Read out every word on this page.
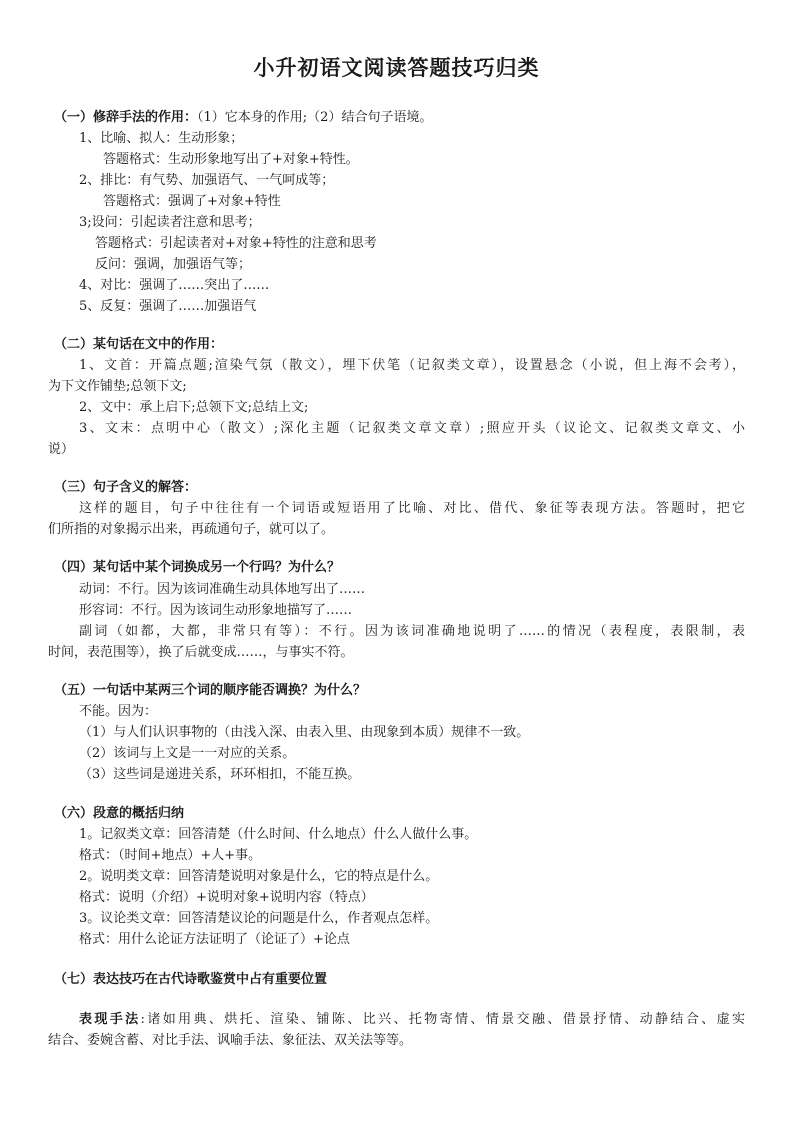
小升初语文阅读答题技巧归类
（一）修辞手法的作用：（1）它本身的作用;（2）结合句子语境。
1、比喻、拟人：生动形象；
答题格式：生动形象地写出了+对象+特性。
2、排比：有气势、加强语气、一气呵成等；
答题格式：强调了+对象+特性
3;设问：引起读者注意和思考；
答题格式：引起读者对+对象+特性的注意和思考
反问：强调，加强语气等；
4、对比：强调了……突出了……
5、反复：强调了……加强语气
（二）某句话在文中的作用：
1、文首：开篇点题;渲染气氛（散文），埋下伏笔（记叙类文章），设置悬念（小说，但上海不会考），
为下文作铺垫;总领下文;
2、文中：承上启下;总领下文;总结上文;
3、文末：点明中心（散文）;深化主题（记叙类文章文章）;照应开头（议论文、记叙类文章文、小
说）
（三）句子含义的解答：
这样的题目，句子中往往有一个词语或短语用了比喻、对比、借代、象征等表现方法。答题时，把它
们所指的对象揭示出来，再疏通句子，就可以了。
（四）某句话中某个词换成另一个行吗？为什么？
动词：不行。因为该词准确生动具体地写出了……
形容词：不行。因为该词生动形象地描写了……
副词（如都，大都，非常只有等）：不行。因为该词准确地说明了……的情况（表程度，表限制，表
时间，表范围等），换了后就变成……，与事实不符。
（五）一句话中某两三个词的顺序能否调换？为什么？
不能。因为：
（1）与人们认识事物的（由浅入深、由表入里、由现象到本质）规律不一致。
（2）该词与上文是一一对应的关系。
（3）这些词是递进关系，环环相扣，不能互换。
（六）段意的概括归纳
1。记叙类文章：回答清楚（什么时间、什么地点）什么人做什么事。
格式：（时间+地点）+人+事。
2。说明类文章：回答清楚说明对象是什么，它的特点是什么。
格式：说明（介绍）+说明对象+说明内容（特点）
3。议论类文章：回答清楚议论的问题是什么，作者观点怎样。
格式：用什么论证方法证明了（论证了）+论点
（七）表达技巧在古代诗歌鉴赏中占有重要位置
表现手法:诸如用典、烘托、渲染、铺陈、比兴、托物寄情、情景交融、借景抒情、动静结合、虚实
结合、委婉含蓄、对比手法、讽喻手法、象征法、双关法等等。
